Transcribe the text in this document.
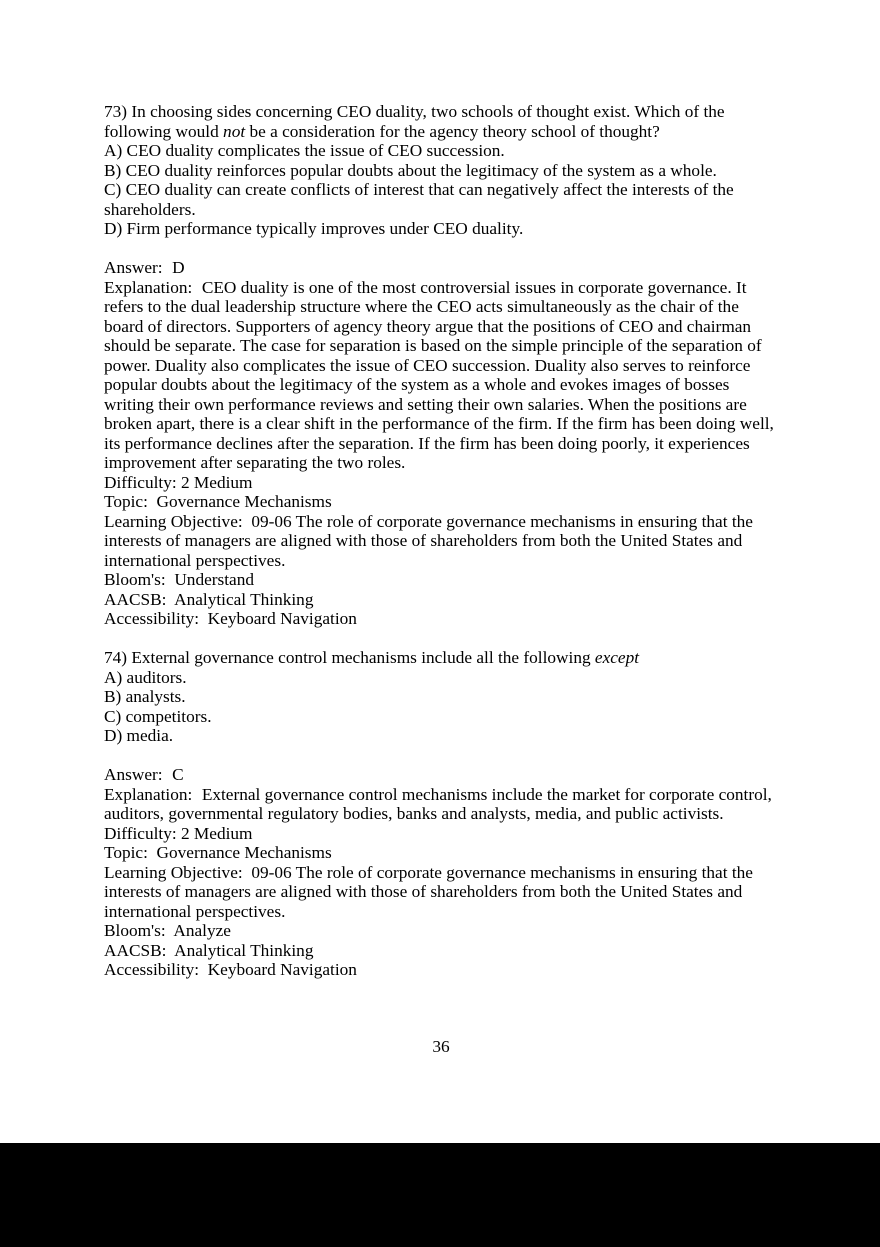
73) In choosing sides concerning CEO duality, two schools of thought exist. Which of the following would not be a consideration for the agency theory school of thought?

A) CEO duality complicates the issue of CEO succession.

B) CEO duality reinforces popular doubts about the legitimacy of the system as a whole.

C) CEO duality can create conflicts of interest that can negatively affect the interests of the shareholders.

D) Firm performance typically improves under CEO duality.

Answer: D

Explanation: CEO duality is one of the most controversial issues in corporate governance. It refers to the dual leadership structure where the CEO acts simultaneously as the chair of the board of directors. Supporters of agency theory argue that the positions of CEO and chairman should be separate. The case for separation is based on the simple principle of the separation of power. Duality also complicates the issue of CEO succession. Duality also serves to reinforce popular doubts about the legitimacy of the system as a whole and evokes images of bosses writing their own performance reviews and setting their own salaries. When the positions are broken apart, there is a clear shift in the performance of the firm. If the firm has been doing well, its performance declines after the separation. If the firm has been doing poorly, it experiences improvement after separating the two roles.

Difficulty: 2 Medium

Topic:  Governance Mechanisms

Learning Objective:  09-06 The role of corporate governance mechanisms in ensuring that the interests of managers are aligned with those of shareholders from both the United States and international perspectives.

Bloom's:  Understand

AACSB:  Analytical Thinking

Accessibility:  Keyboard Navigation

74) External governance control mechanisms include all the following except

A) auditors.

B) analysts.

C) competitors.

D) media.

Answer: C

Explanation: External governance control mechanisms include the market for corporate control, auditors, governmental regulatory bodies, banks and analysts, media, and public activists.

Difficulty: 2 Medium

Topic:  Governance Mechanisms

Learning Objective:  09-06 The role of corporate governance mechanisms in ensuring that the interests of managers are aligned with those of shareholders from both the United States and international perspectives.

Bloom's:  Analyze

AACSB:  Analytical Thinking

Accessibility:  Keyboard Navigation

36
